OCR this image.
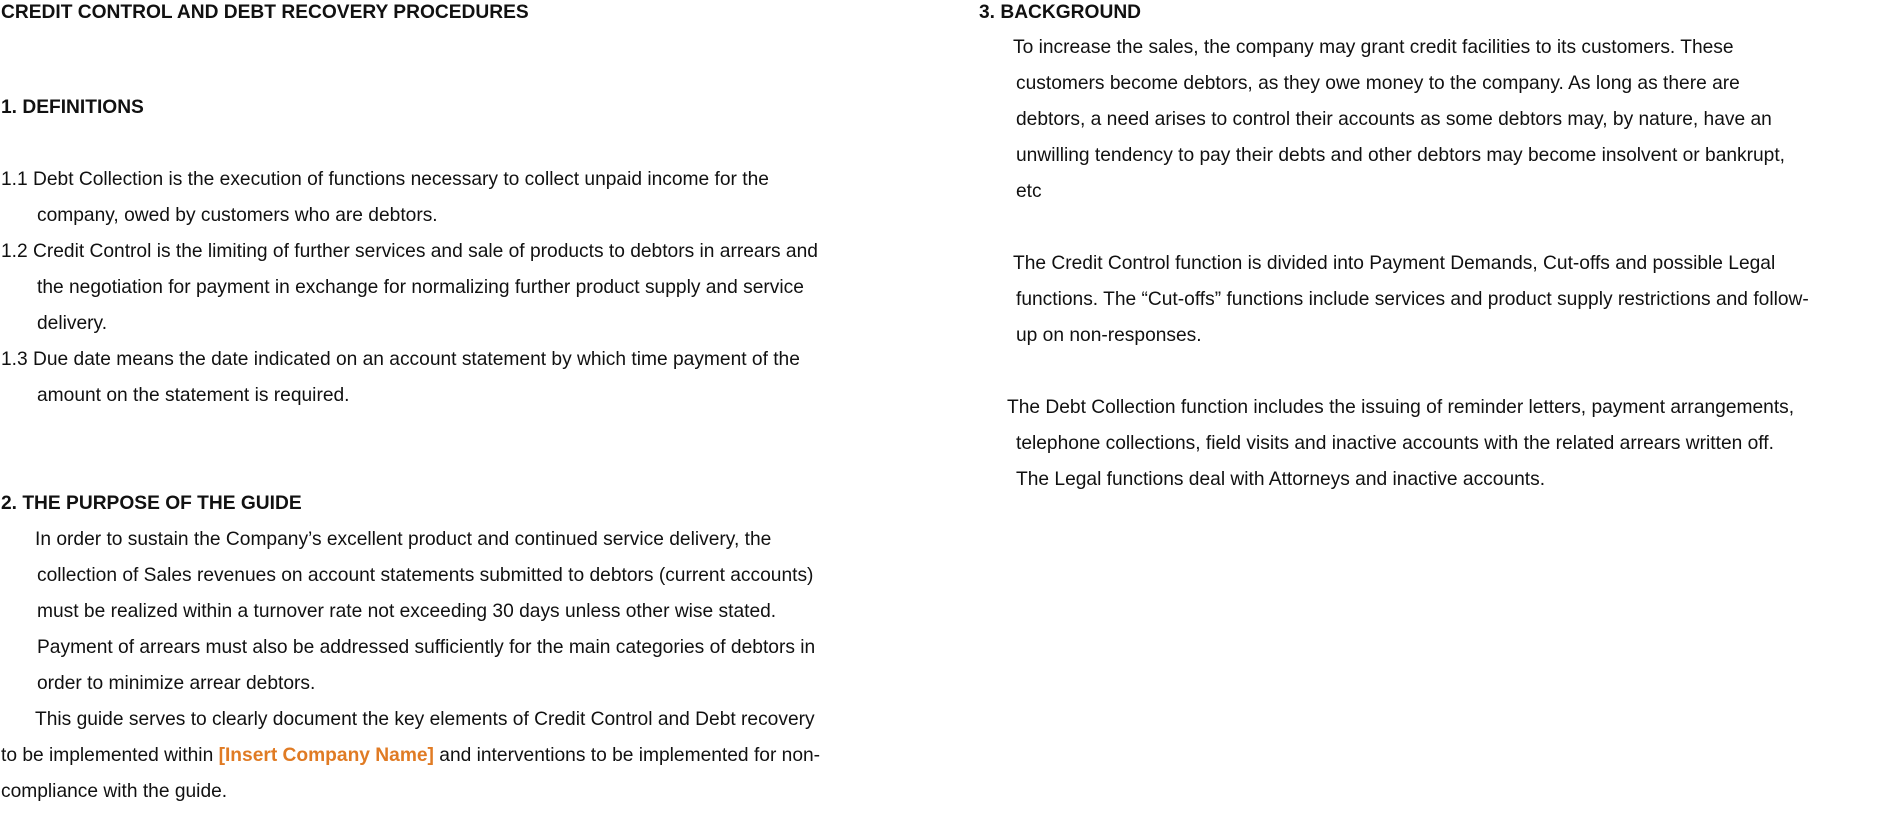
CREDIT CONTROL AND DEBT RECOVERY PROCEDURES
1. DEFINITIONS
1.1 Debt Collection is the execution of functions necessary to collect unpaid income for the
company, owed by customers who are debtors.
1.2 Credit Control is the limiting of further services and sale of products to debtors in arrears and
the negotiation for payment in exchange for normalizing further product supply and service
delivery.
1.3 Due date means the date indicated on an account statement by which time payment of the
amount on the statement is required.
2. THE PURPOSE OF THE GUIDE
In order to sustain the Company’s excellent product and continued service delivery, the
collection of Sales revenues on account statements submitted to debtors (current accounts)
must be realized within a turnover rate not exceeding 30 days unless other wise stated.
Payment of arrears must also be addressed sufficiently for the main categories of debtors in
order to minimize arrear debtors.
This guide serves to clearly document the key elements of Credit Control and Debt recovery
to be implemented within [Insert Company Name] and interventions to be implemented for non-
compliance with the guide.
3. BACKGROUND
To increase the sales, the company may grant credit facilities to its customers. These
customers become debtors, as they owe money to the company. As long as there are
debtors, a need arises to control their accounts as some debtors may, by nature, have an
unwilling tendency to pay their debts and other debtors may become insolvent or bankrupt,
etc
The Credit Control function is divided into Payment Demands, Cut-offs and possible Legal
functions. The “Cut-offs” functions include services and product supply restrictions and follow-
up on non-responses.
The Debt Collection function includes the issuing of reminder letters, payment arrangements,
telephone collections, field visits and inactive accounts with the related arrears written off.
The Legal functions deal with Attorneys and inactive accounts.
